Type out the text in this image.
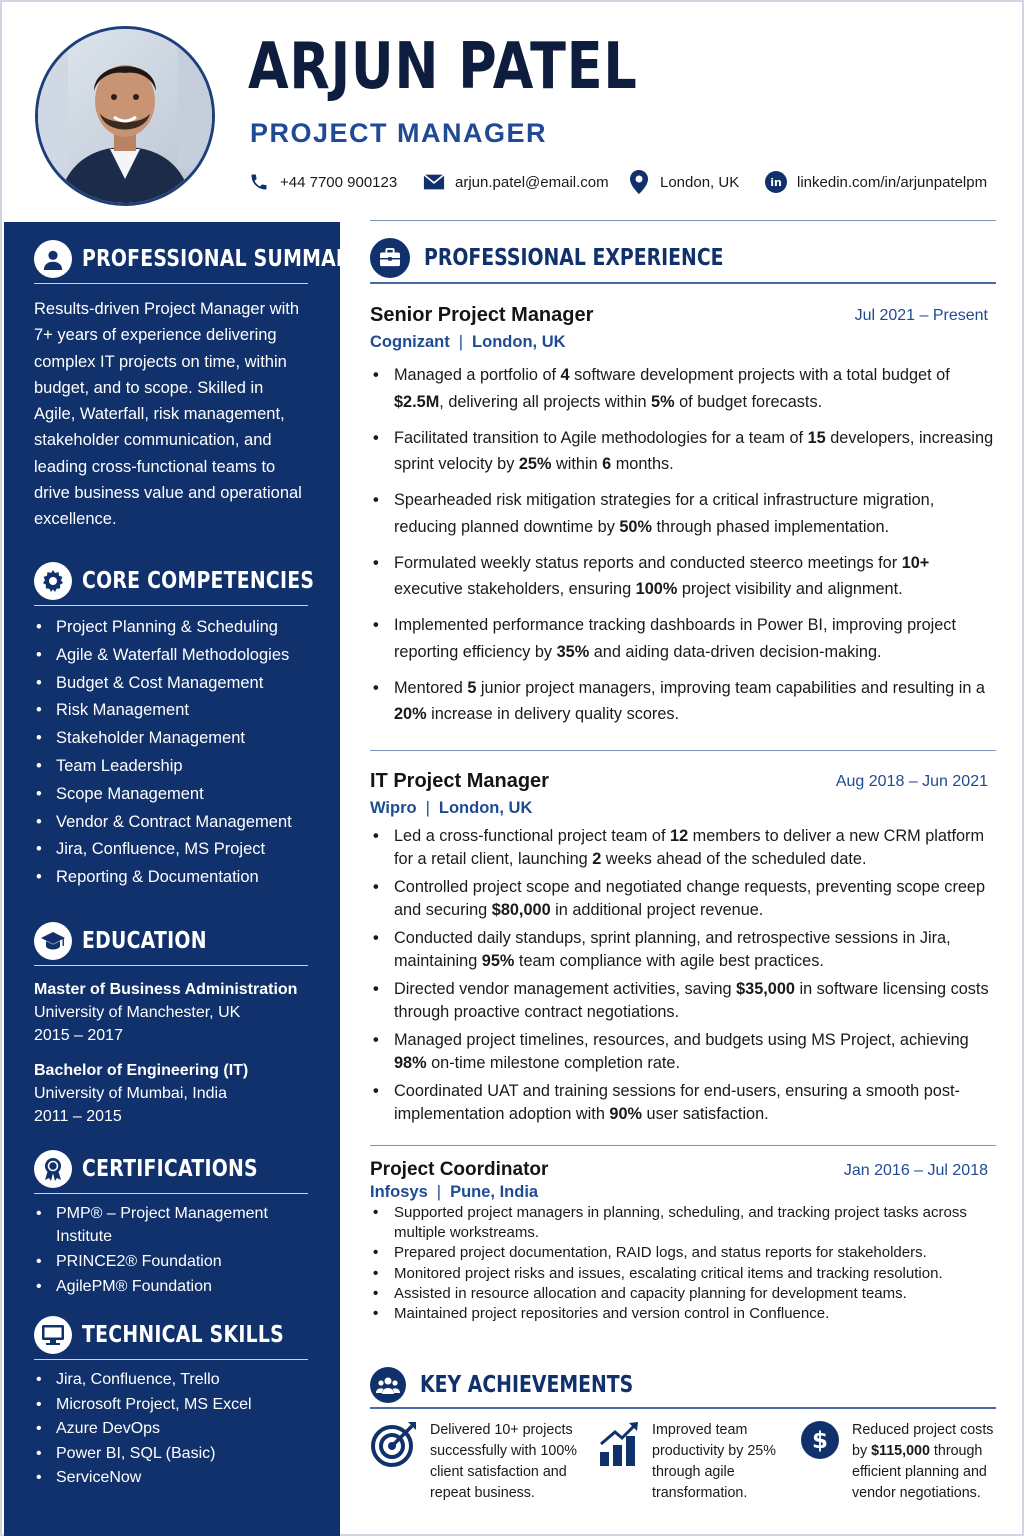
ARJUN PATEL
PROJECT MANAGER
+44 7700 900123	arjun.patel@email.com	London, UK	in linkedin.com/in/arjunpatelpm
PROFESSIONAL SUMMARY

Results-driven Project Manager with 7+ years of experience delivering complex IT projects on time, within budget, and to scope. Skilled in Agile, Waterfall, risk management, stakeholder communication, and leading cross-functional teams to drive business value and operational excellence.

CORE COMPETENCIES
• Project Planning & Scheduling
• Agile & Waterfall Methodologies
• Budget & Cost Management
• Risk Management
• Stakeholder Management
• Team Leadership
• Scope Management
• Vendor & Contract Management
• Jira, Confluence, MS Project
• Reporting & Documentation
EDUCATION
Master of Business Administration
University of Manchester, UK
2015 – 2017
Bachelor of Engineering (IT)
University of Mumbai, India
2011 – 2015
CERTIFICATIONS
• PMP® – Project Management Institute
• PRINCE2® Foundation
• AgilePM® Foundation
TECHNICAL SKILLS
• Jira, Confluence, Trello
• Microsoft Project, MS Excel
• Azure DevOps
• Power BI, SQL (Basic)
• ServiceNow
PROFESSIONAL EXPERIENCE
Senior Project Manager	Jul 2021 – Present
Cognizant | London, UK
• Managed a portfolio of 4 software development projects with a total budget of $2.5M, delivering all projects within 5% of budget forecasts.
• Facilitated transition to Agile methodologies for a team of 15 developers, increasing sprint velocity by 25% within 6 months.
• Spearheaded risk mitigation strategies for a critical infrastructure migration, reducing planned downtime by 50% through phased implementation.
• Formulated weekly status reports and conducted steerco meetings for 10+ executive stakeholders, ensuring 100% project visibility and alignment.
• Implemented performance tracking dashboards in Power BI, improving project reporting efficiency by 35% and aiding data-driven decision-making.
• Mentored 5 junior project managers, improving team capabilities and resulting in a 20% increase in delivery quality scores.
IT Project Manager	Aug 2018 – Jun 2021
Wipro | London, UK
• Led a cross-functional project team of 12 members to deliver a new CRM platform for a retail client, launching 2 weeks ahead of the scheduled date.
• Controlled project scope and negotiated change requests, preventing scope creep and securing $80,000 in additional project revenue.
• Conducted daily standups, sprint planning, and retrospective sessions in Jira, maintaining 95% team compliance with agile best practices.
• Directed vendor management activities, saving $35,000 in software licensing costs through proactive contract negotiations.
• Managed project timelines, resources, and budgets using MS Project, achieving 98% on-time milestone completion rate.
• Coordinated UAT and training sessions for end-users, ensuring a smooth post-implementation adoption with 90% user satisfaction.
Project Coordinator	Jan 2016 – Jul 2018
Infosys | Pune, India
• Supported project managers in planning, scheduling, and tracking project tasks across multiple workstreams.
• Prepared project documentation, RAID logs, and status reports for stakeholders.
• Monitored project risks and issues, escalating critical items and tracking resolution.
• Assisted in resource allocation and capacity planning for development teams.
• Maintained project repositories and version control in Confluence.
KEY ACHIEVEMENTS
Delivered 10+ projects successfully with 100% client satisfaction and repeat business.
Improved team productivity by 25% through agile transformation.
$ Reduced project costs by $115,000 through efficient planning and vendor negotiations.
